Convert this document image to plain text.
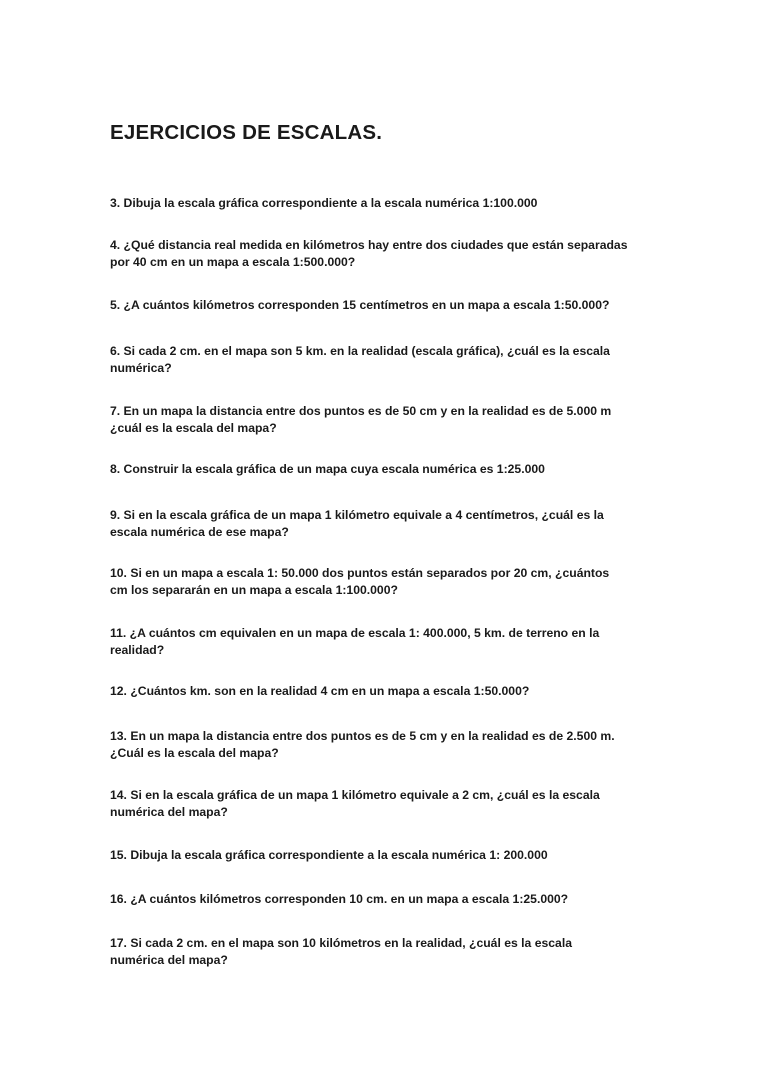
EJERCICIOS DE ESCALAS.

3. Dibuja la escala gráfica correspondiente a la escala numérica 1:100.000

4. ¿Qué distancia real medida en kilómetros hay entre dos ciudades que están separadas
por 40 cm en un mapa a escala 1:500.000?

5. ¿A cuántos kilómetros corresponden 15 centímetros en un mapa a escala 1:50.000?

6. Si cada 2 cm. en el mapa son 5 km. en la realidad (escala gráfica), ¿cuál es la escala
numérica?

7. En un mapa la distancia entre dos puntos es de 50 cm y en la realidad es de 5.000 m
¿cuál es la escala del mapa?

8. Construir la escala gráfica de un mapa cuya escala numérica es 1:25.000

9. Si en la escala gráfica de un mapa 1 kilómetro equivale a 4 centímetros, ¿cuál es la
escala numérica de ese mapa?

10. Si en un mapa a escala 1: 50.000 dos puntos están separados por 20 cm, ¿cuántos
cm los separarán en un mapa a escala 1:100.000?

11. ¿A cuántos cm equivalen en un mapa de escala 1: 400.000, 5 km. de terreno en la
realidad?

12. ¿Cuántos km. son en la realidad 4 cm en un mapa a escala 1:50.000?

13. En un mapa la distancia entre dos puntos es de 5 cm y en la realidad es de 2.500 m.
¿Cuál es la escala del mapa?

14. Si en la escala gráfica de un mapa 1 kilómetro equivale a 2 cm, ¿cuál es la escala
numérica del mapa?

15. Dibuja la escala gráfica correspondiente a la escala numérica 1: 200.000

16. ¿A cuántos kilómetros corresponden 10 cm. en un mapa a escala 1:25.000?

17. Si cada 2 cm. en el mapa son 10 kilómetros en la realidad, ¿cuál es la escala
numérica del mapa?
